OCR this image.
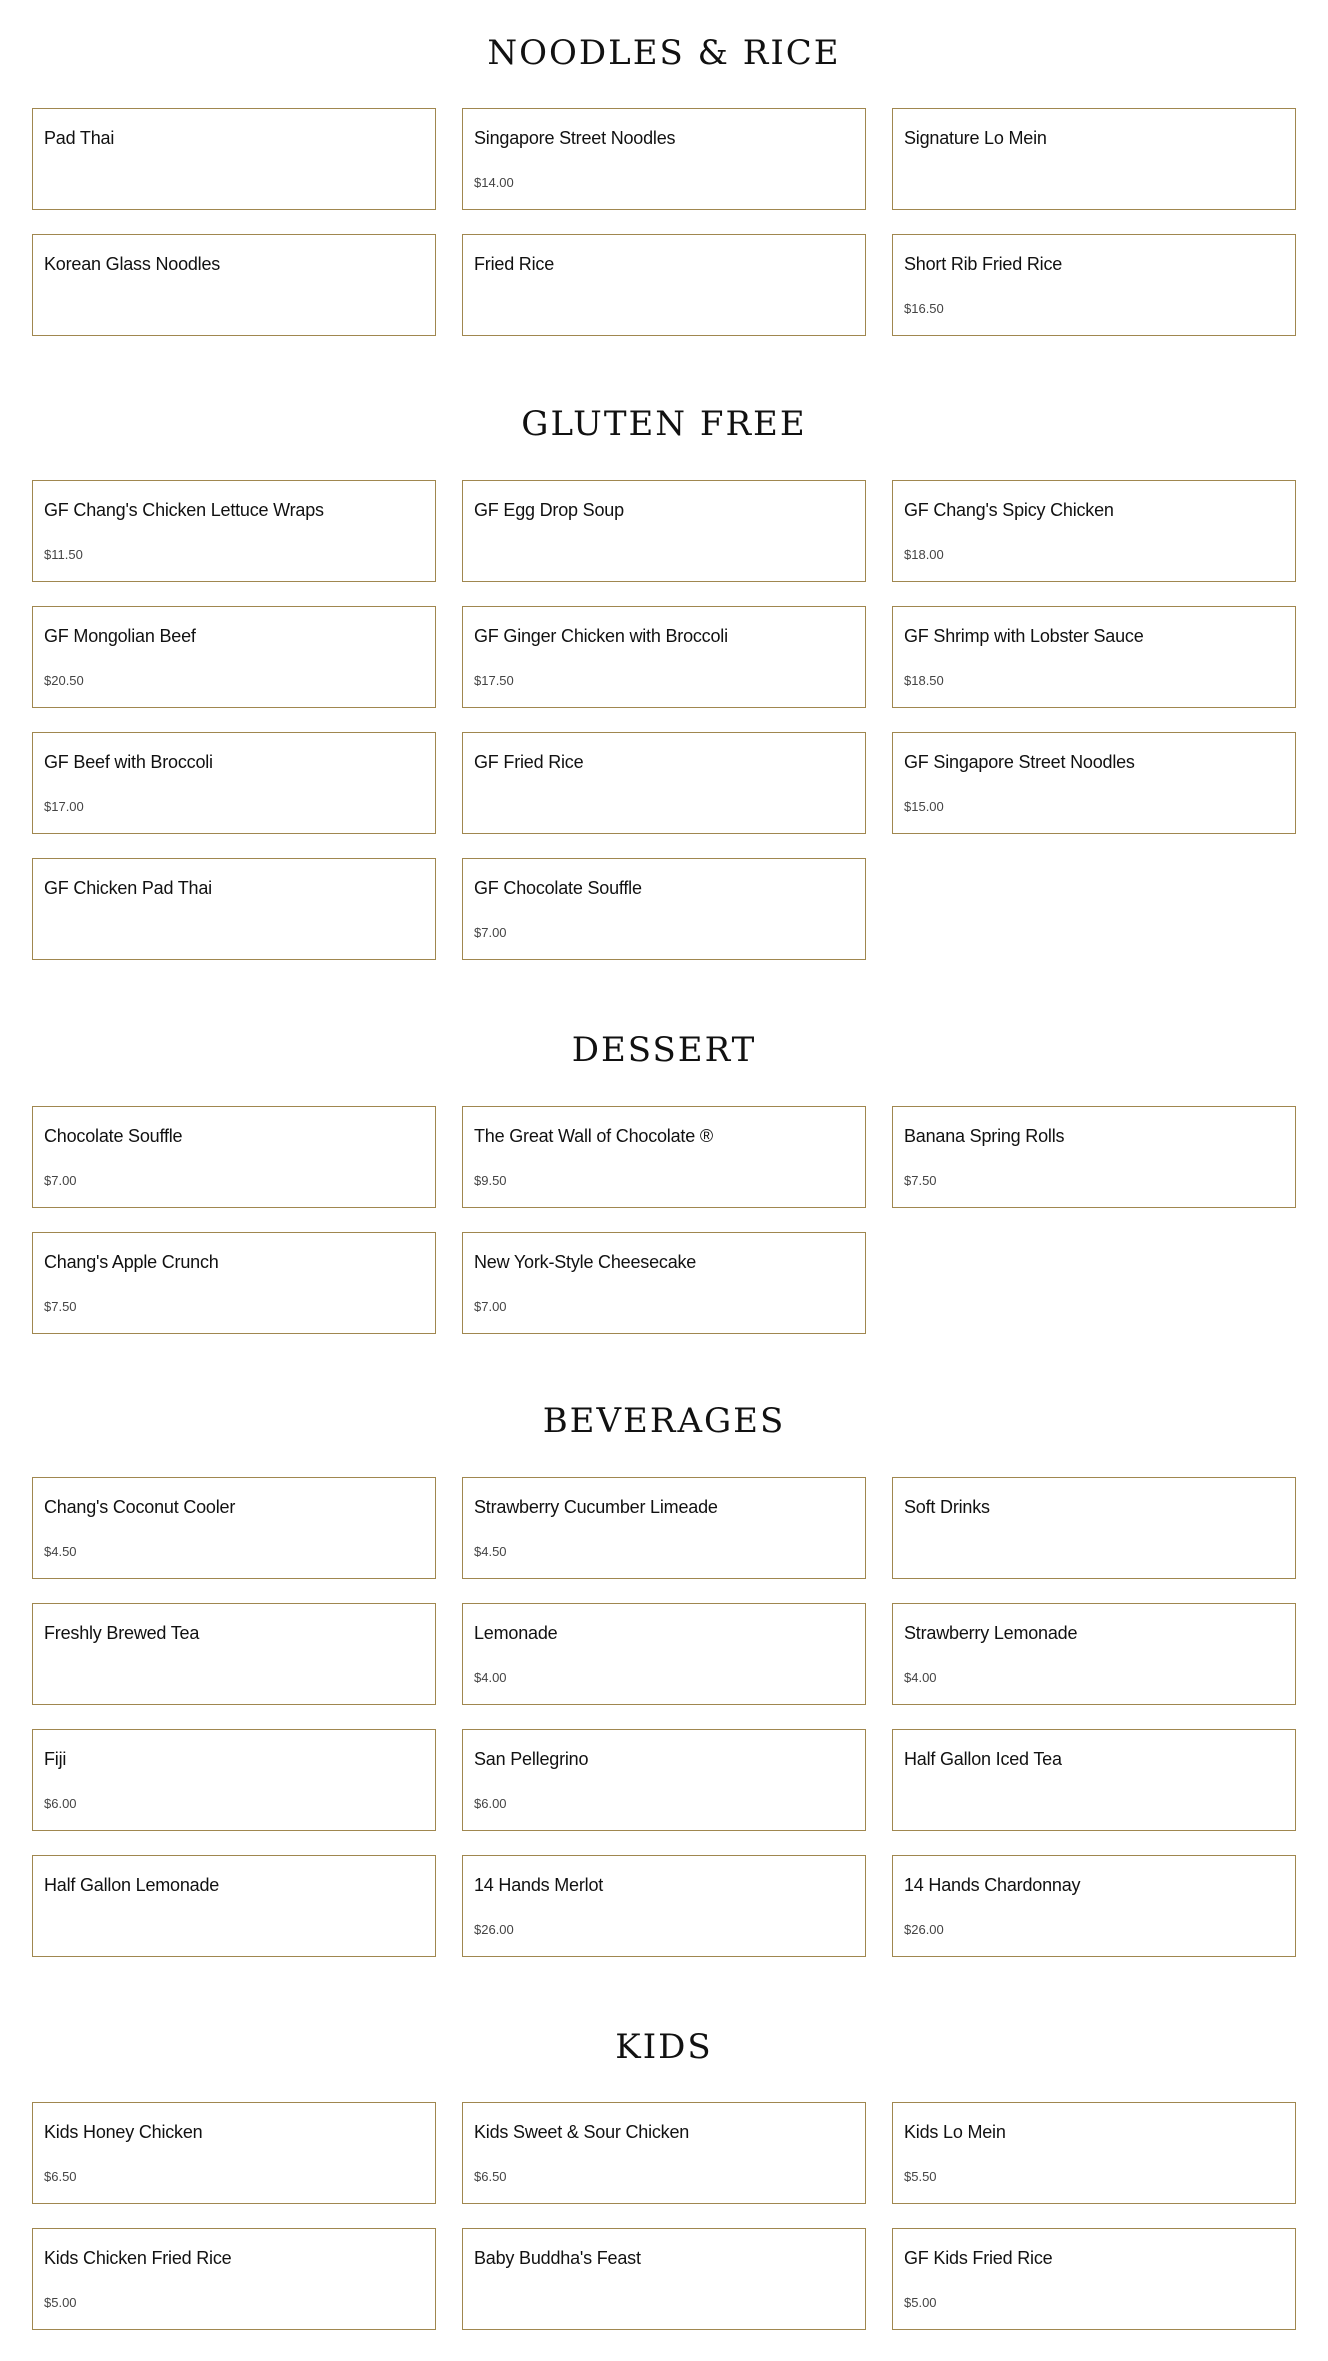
NOODLES & RICE
Pad Thai	Singapore Street Noodles
$14.00
Signature Lo Mein
Korean Glass Noodles	Fried Rice	Short Rib Fried Rice
$16.50
GLUTEN FREE
GF Chang's Chicken Lettuce Wraps
$11.50
GF Egg Drop Soup	GF Chang's Spicy Chicken
$18.00
GF Mongolian Beef
$20.50
GF Ginger Chicken with Broccoli
$17.50
GF Shrimp with Lobster Sauce
$18.50
GF Beef with Broccoli
$17.00
GF Fried Rice	GF Singapore Street Noodles
$15.00
GF Chicken Pad Thai	GF Chocolate Souffle
$7.00
DESSERT
Chocolate Souffle
$7.00
The Great Wall of Chocolate ®
$9.50
Banana Spring Rolls
$7.50
Chang's Apple Crunch
$7.50
New York-Style Cheesecake
$7.00
BEVERAGES
Chang's Coconut Cooler
$4.50
Strawberry Cucumber Limeade
$4.50
Soft Drinks
Freshly Brewed Tea	Lemonade
$4.00
Strawberry Lemonade
$4.00
Fiji
$6.00
San Pellegrino
$6.00
Half Gallon Iced Tea
Half Gallon Lemonade	14 Hands Merlot
$26.00
14 Hands Chardonnay
$26.00
KIDS
Kids Honey Chicken
$6.50
Kids Sweet & Sour Chicken
$6.50
Kids Lo Mein
$5.50
Kids Chicken Fried Rice
$5.00
Baby Buddha's Feast	GF Kids Fried Rice
$5.00
